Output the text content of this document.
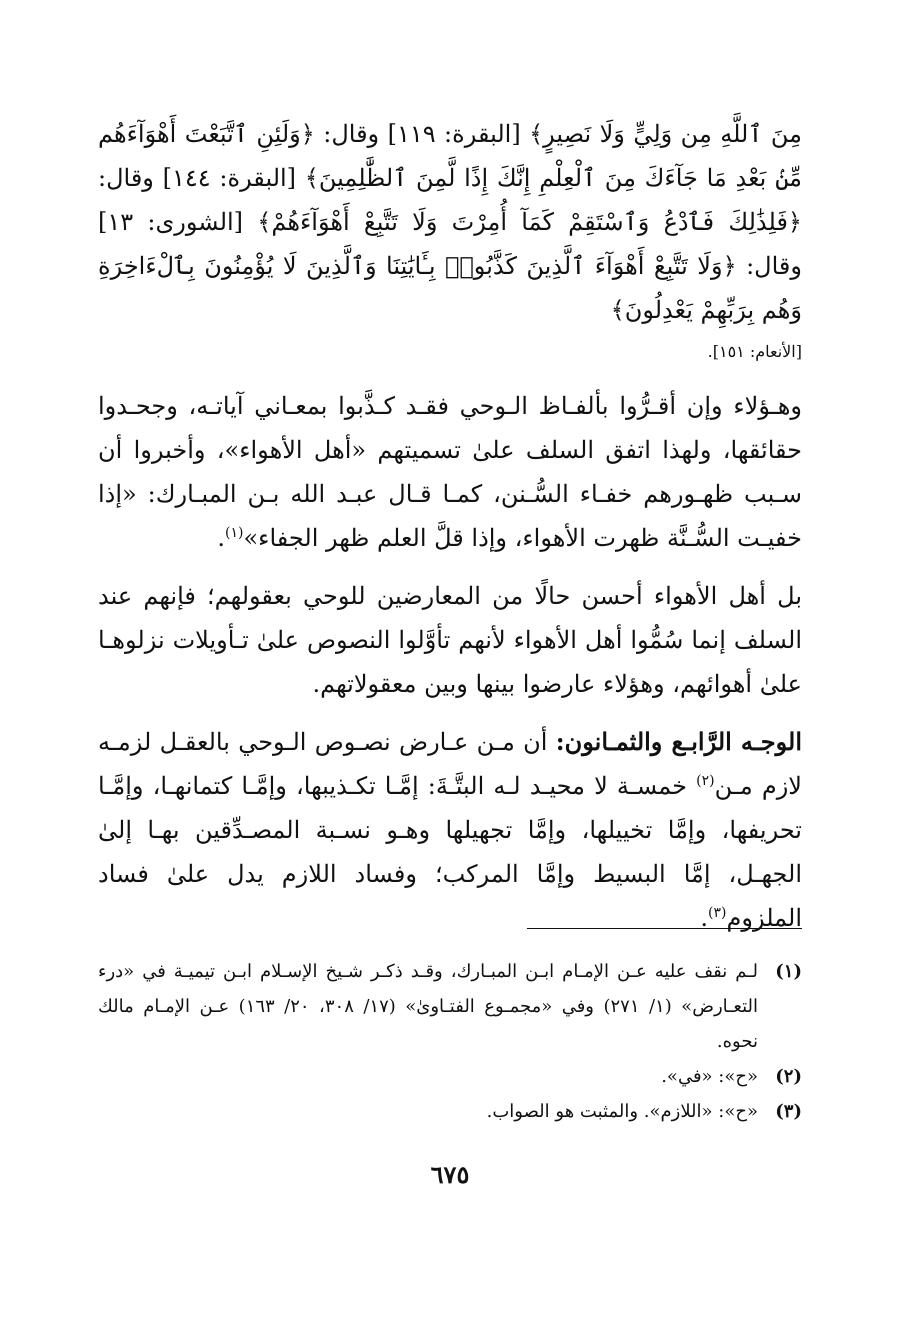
مِنَ ٱللَّهِ مِن وَلِيٍّ وَلَا نَصِيرٍ﴾ [البقرة: ١١٩] وقال: ﴿وَلَئِنِ ٱتَّبَعْتَ أَهْوَآءَهُم مِّنۢ بَعْدِ مَا جَآءَكَ مِنَ ٱلْعِلْمِ إِنَّكَ إِذًا لَّمِنَ ٱلظَّٰلِمِينَ﴾ [البقرة: ١٤٤] وقال: ﴿فَلِذَٰلِكَ فَٱدْعُ وَٱسْتَقِمْ كَمَآ أُمِرْتَ وَلَا تَتَّبِعْ أَهْوَآءَهُمْ﴾ [الشورى: ١٣] وقال: ﴿وَلَا تَتَّبِعْ أَهْوَآءَ ٱلَّذِينَ كَذَّبُوا۟ بِـَٔايَٰتِنَا وَٱلَّذِينَ لَا يُؤْمِنُونَ بِٱلْءَاخِرَةِ وَهُم بِرَبِّهِمْ يَعْدِلُونَ﴾
[الأنعام: ١٥١].

وهـؤلاء وإن أقـرُّوا بألفـاظ الـوحي فقـد كـذَّبوا بمعـاني آياتـه، وجحـدوا حقائقها، ولهذا اتفق السلف علىٰ تسميتهم «أهل الأهواء»، وأخبروا أن سـبب ظهـورهم خفـاء السُّـنن، كمـا قـال عبـد الله بـن المبـارك: «إذا خفيـت السُّـنَّة ظهرت الأهواء، وإذا قلَّ العلم ظهر الجفاء»$^{(١)}$.

بل أهل الأهواء أحسن حالًا من المعارضين للوحي بعقولهم؛ فإنهم عند السلف إنما سُمُّوا أهل الأهواء لأنهم تأوَّلوا النصوص علىٰ تـأويلات نزلوهـا علىٰ أهوائهم، وهؤلاء عارضوا بينها وبين معقولاتهم.

الوجـه الرَّابـع والثمـانون: أن مـن عـارض نصـوص الـوحي بالعقـل لزمـه لازم مـن$^{(٢)}$ خمسـة لا محيـد لـه البتَّـةَ: إمَّـا تكـذيبها، وإمَّـا كتمانهـا، وإمَّـا تحريفها، وإمَّا تخييلها، وإمَّا تجهيلها وهـو نسـبة المصـدِّقين بهـا إلىٰ الجهـل، إمَّا البسيط وإمَّا المركب؛ وفساد اللازم يدل علىٰ فساد الملزوم$^{(٣)}$.

(١)
لـم نقف عليه عـن الإمـام ابـن المبـارك، وقـد ذكـر شـيخ الإسـلام ابـن تيميـة في «درء التعـارض» (١/ ٢٧١) وفي «مجمـوع الفتـاوىٰ» (١٧/ ٣٠٨، ٢٠/ ١٦٣) عـن الإمـام مالك نحوه.
(٢)
«ح»: «في».
(٣)
«ح»: «اللازم». والمثبت هو الصواب.
٦٧٥
